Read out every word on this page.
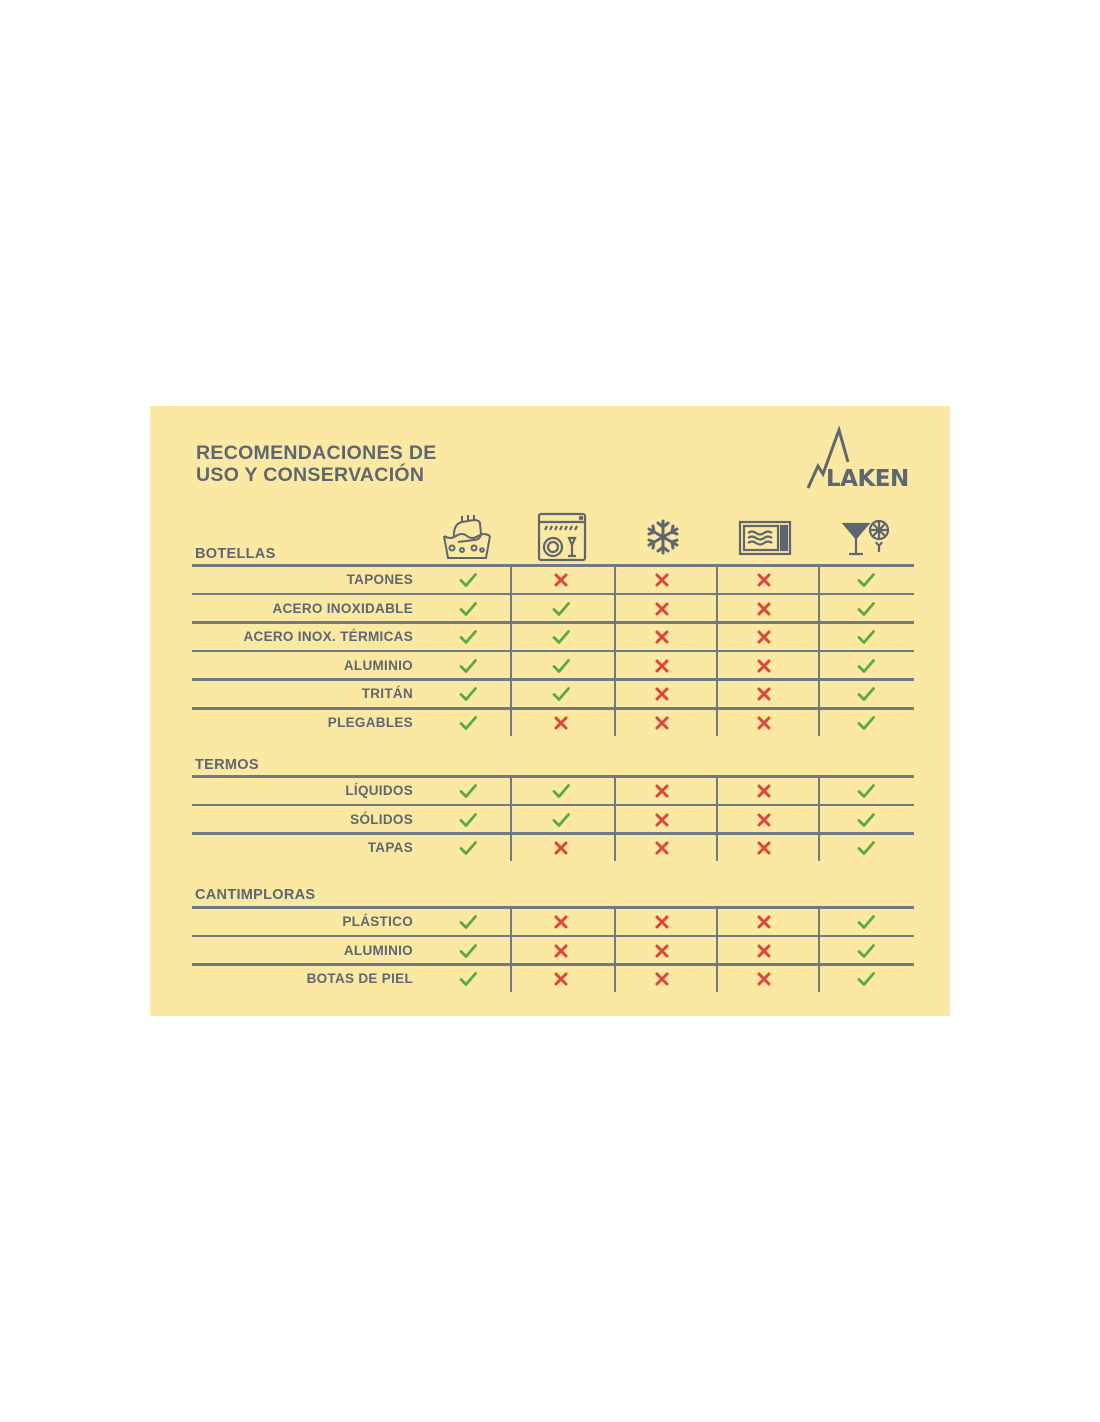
RECOMENDACIONES DE
USO Y CONSERVACIÓN	LAKEN
BOTELLAS
TAPONES
ACERO INOXIDABLE
ACERO INOX. TÉRMICAS
ALUMINIO
TRITÁN
PLEGABLES
TERMOS
LÍQUIDOS
SÓLIDOS
TAPAS
CANTIMPLORAS
PLÁSTICO
ALUMINIO
BOTAS DE PIEL
